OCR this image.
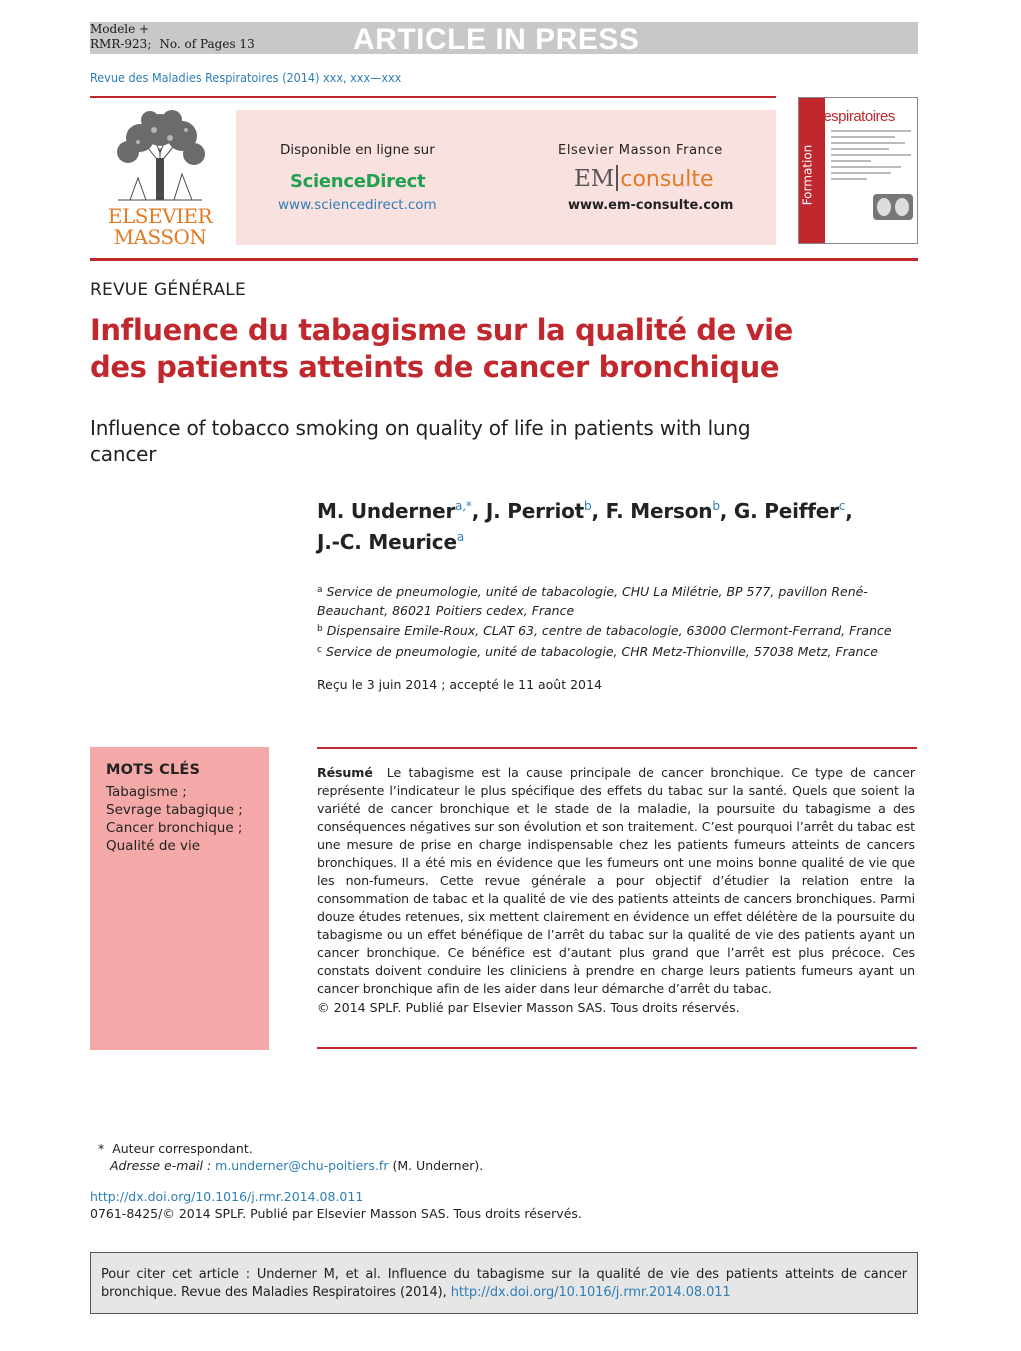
Modele +
RMR-923; No. of Pages 13	ARTICLE IN PRESS
Revue des Maladies Respiratoires (2014) xxx, xxx—xxx
ELSEVIER
MASSON
Disponible en ligne sur
ScienceDirect
www.sciencedirect.com
Elsevier Masson France
EM consulte
www.em-consulte.com
Formation
Respiratoires
REVUE GÉNÉRALE
Influence du tabagisme sur la qualité de vie des patients atteints de cancer bronchique
Influence of tobacco smoking on quality of life in patients with lung cancer
M. Underner$^{a,*}$, J. Perriot$^b$, F. Merson$^b$, G. Peiffer$^c$,
J.-C. Meurice$^a$
$^a$ Service de pneumologie, unité de tabacologie, CHU La Milétrie, BP 577, pavillon René-Beauchant, 86021 Poitiers cedex, France
$^b$ Dispensaire Emile-Roux, CLAT 63, centre de tabacologie, 63000 Clermont-Ferrand, France
$^c$ Service de pneumologie, unité de tabacologie, CHR Metz-Thionville, 57038 Metz, France
Reçu le 3 juin 2014 ; accepté le 11 août 2014
MOTS CLÉS
Tabagisme ;
Sevrage tabagique ;
Cancer bronchique ;
Qualité de vie
Résumé Le tabagisme est la cause principale de cancer bronchique. Ce type de cancer représente l’indicateur le plus spécifique des effets du tabac sur la santé. Quels que soient la variété de cancer bronchique et le stade de la maladie, la poursuite du tabagisme a des conséquences négatives sur son évolution et son traitement. C’est pourquoi l’arrêt du tabac est une mesure de prise en charge indispensable chez les patients fumeurs atteints de cancers bronchiques. Il a été mis en évidence que les fumeurs ont une moins bonne qualité de vie que les non-fumeurs. Cette revue générale a pour objectif d’étudier la relation entre la consommation de tabac et la qualité de vie des patients atteints de cancers bronchiques. Parmi douze études retenues, six mettent clairement en évidence un effet délétère de la poursuite du tabagisme ou un effet bénéfique de l’arrêt du tabac sur la qualité de vie des patients ayant un cancer bronchique. Ce bénéfice est d’autant plus grand que l’arrêt est plus précoce. Ces constats doivent conduire les cliniciens à prendre en charge leurs patients fumeurs ayant un cancer bronchique afin de les aider dans leur démarche d’arrêt du tabac.
© 2014 SPLF. Publié par Elsevier Masson SAS. Tous droits réservés.
* Auteur correspondant.
Adresse e-mail : m.underner@chu-poitiers.fr (M. Underner).
http://dx.doi.org/10.1016/j.rmr.2014.08.011
0761-8425/© 2014 SPLF. Publié par Elsevier Masson SAS. Tous droits réservés.
Pour citer cet article : Underner M, et al. Influence du tabagisme sur la qualité de vie des patients atteints de cancer bronchique. Revue des Maladies Respiratoires (2014), http://dx.doi.org/10.1016/j.rmr.2014.08.011
